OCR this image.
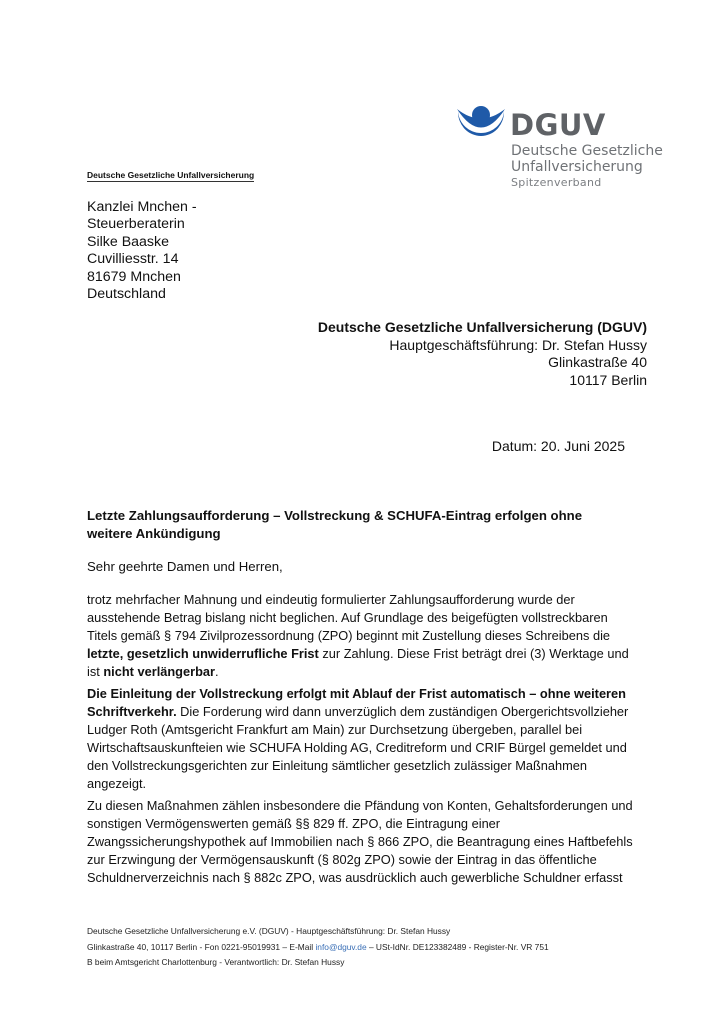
DGUV
Deutsche Gesetzliche
Unfallversicherung
Spitzenverband
Deutsche Gesetzliche Unfallversicherung
Kanzlei Mnchen -
Steuerberaterin
Silke Baaske
Cuvilliesstr. 14
81679 Mnchen
Deutschland
Deutsche Gesetzliche Unfallversicherung (DGUV)
Hauptgeschäftsführung: Dr. Stefan Hussy
Glinkastraße 40
10117 Berlin
Datum: 20. Juni 2025
Letzte Zahlungsaufforderung – Vollstreckung & SCHUFA-Eintrag erfolgen ohne
weitere Ankündigung
Sehr geehrte Damen und Herren,
trotz mehrfacher Mahnung und eindeutig formulierter Zahlungsaufforderung wurde der
ausstehende Betrag bislang nicht beglichen. Auf Grundlage des beigefügten vollstreckbaren
Titels gemäß § 794 Zivilprozessordnung (ZPO) beginnt mit Zustellung dieses Schreibens die
letzte, gesetzlich unwiderrufliche Frist zur Zahlung. Diese Frist beträgt drei (3) Werktage und
ist nicht verlängerbar.
Die Einleitung der Vollstreckung erfolgt mit Ablauf der Frist automatisch – ohne weiteren
Schriftverkehr. Die Forderung wird dann unverzüglich dem zuständigen Obergerichtsvollzieher
Ludger Roth (Amtsgericht Frankfurt am Main) zur Durchsetzung übergeben, parallel bei
Wirtschaftsauskunfteien wie SCHUFA Holding AG, Creditreform und CRIF Bürgel gemeldet und
den Vollstreckungsgerichten zur Einleitung sämtlicher gesetzlich zulässiger Maßnahmen
angezeigt.
Zu diesen Maßnahmen zählen insbesondere die Pfändung von Konten, Gehaltsforderungen und
sonstigen Vermögenswerten gemäß §§ 829 ff. ZPO, die Eintragung einer
Zwangssicherungshypothek auf Immobilien nach § 866 ZPO, die Beantragung eines Haftbefehls
zur Erzwingung der Vermögensauskunft (§ 802g ZPO) sowie der Eintrag in das öffentliche
Schuldnerverzeichnis nach § 882c ZPO, was ausdrücklich auch gewerbliche Schuldner erfasst
Deutsche Gesetzliche Unfallversicherung e.V. (DGUV) - Hauptgeschäftsführung: Dr. Stefan Hussy
Glinkastraße 40, 10117 Berlin - Fon 0221-95019931 – E-Mail info@dguv.de – USt-IdNr. DE123382489 - Register-Nr. VR 751
B beim Amtsgericht Charlottenburg - Verantwortlich: Dr. Stefan Hussy
